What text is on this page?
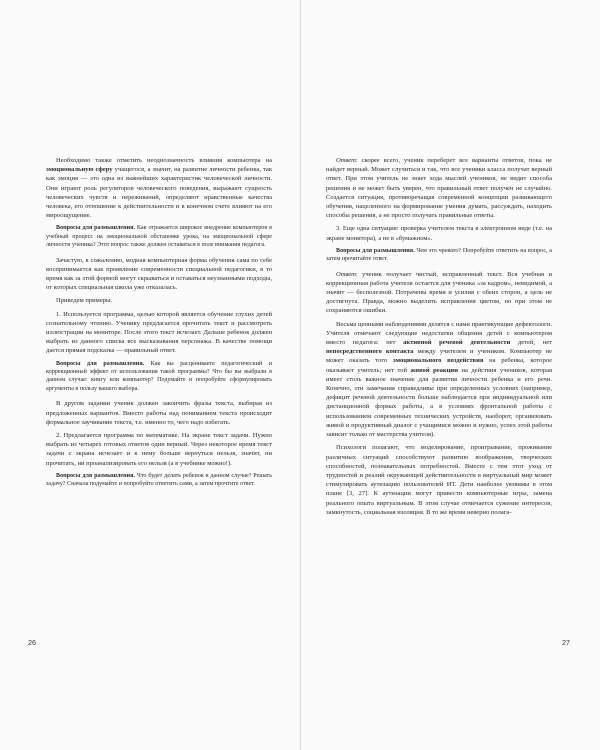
Необходимо также отметить неоднозначность влияния компьютера на эмоциональную сферу учащегося, а значит, на развитие личности ребенка, так как эмоция — это одна из важнейших характеристик человеческой личности. Они играют роль регуляторов человеческого поведения, выражают сущность человеческих чувств и переживаний, определяют нравственные качества человека, его отношение к действительности и в конечном счете влияют на его мироощущение.

Вопросы для размышления. Как отражается широкое внедрение компьютеров в учебный процесс на эмоциональной обстановке урока, на эмоциональной сфере личности ученика? Этот вопрос также должен оставаться в поле внимания педагога.

Зачастую, к сожалению, модная компьютерная форма обучения сама по себе воспринимается как проявление современности специальной педагогики, в то время как за этой формой могут скрываться и оставаться неузнанными подходы, от которых специальная школа уже отказалась.

Приведем примеры.

1. Используется программа, целью которой является обучение глухих детей сознательному чтению. Ученику предлагается прочитать текст и рассмотреть иллюстрации на мониторе. После этого текст исчезает. Дальше ребенок должен выбрать из данного списка все высказывания персонажа. В качестве помощи дается прямая подсказка — правильный ответ.

Вопросы для размышления. Как вы расцениваете педагогический и коррекционный эффект от использования такой программы? Что бы вы выбрали в данном случае: книгу или компьютер? Подумайте и попробуйте сформулировать аргументы в пользу вашего выбора.

В другом задании ученик должен закончить фразы текста, выбирая из предложенных вариантов. Вместо работы над пониманием текста происходит формальное заучивание текста, т.е. именно то, чего надо избегать.

2. Предлагается программа по математике. На экране текст задачи. Нужно выбрать из четырех готовых ответов один верный. Через некоторое время текст задачи с экрана исчезает и к нему больше вернуться нельзя, значит, ни прочитать, ни проанализировать его нельзя (а в учебнике можно!).

Вопросы для размышления. Что будет делать ребенок в данном случае? Решать задачу? Сначала подумайте и попробуйте ответить сами, а затем прочтите ответ.

Ответ: скорее всего, ученик переберет все варианты ответов, пока не найдет верный. Может случиться и так, что все ученики класса получат верный ответ. При этом учитель не знает хода мыслей учеников, не видит способа решения и не может быть уверен, что правильный ответ получен не случайно. Создается ситуация, противоречащая современной концепции развивающего обучения, нацеленного на формирование умения думать, рассуждать, находить способы решения, а не просто получать правильные ответы.

3. Еще одна ситуация: проверка учителем текста в электронном виде (т.е. на экране монитора), а не в «бумажном».

Вопросы для размышления. Чем это чревато? Попробуйте ответить на вопрос, а затем прочитайте ответ.

Ответ: ученик получает чистый, исправленный текст. Вся учебная и коррекционная работа учителя остается для ученика «за кадром», невидимой, а значит — бесполезной. Потрачены время и усилия с обеих сторон, а цель не достигнута. Правда, можно выделить исправления цветом, но при этом не сохраняются ошибки.

Весьма ценными наблюдениями делятся с нами практикующие дефектологи. Учителя отмечают следующие недостатки общения детей с компьютером вместо педагога: нет активной речевой деятельности детей, нет непосредственного контакта между учителем и учеником. Компьютер не может оказать того эмоционального воздействия на ребенка, которое оказывает учитель; нет той живой реакции на действия учеников, которая имеет столь важное значение для развития личности ребенка и его речи. Конечно, эти замечания справедливы при определенных условиях (например, дефицит речевой деятельности больше наблюдается при индивидуальной или дистанционной формах работы, а в условиях фронтальной работы с использованием современных технических устройств, наоборот, организовать живой и продуктивный диалог с учащимися можно и нужно, успех этой работы зависит только от мастерства учителя).

Психологи полагают, что моделирование, проигрывание, проживание различных ситуаций способствуют развитию воображения, творческих способностей, познавательных потребностей. Вместе с тем этот уход от трудностей и реалий окружающей действительности в виртуальный мир может стимулировать аутизацию пользователей ИТ. Дети наиболее уязвимы в этом плане [3, 27]. К аутизации могут привести компьютерные игры, замена реального опыта виртуальным. В этом случае отмечается сужение интересов, замкнутость, социальная изоляция. В то же время неверно полага-

26	27
